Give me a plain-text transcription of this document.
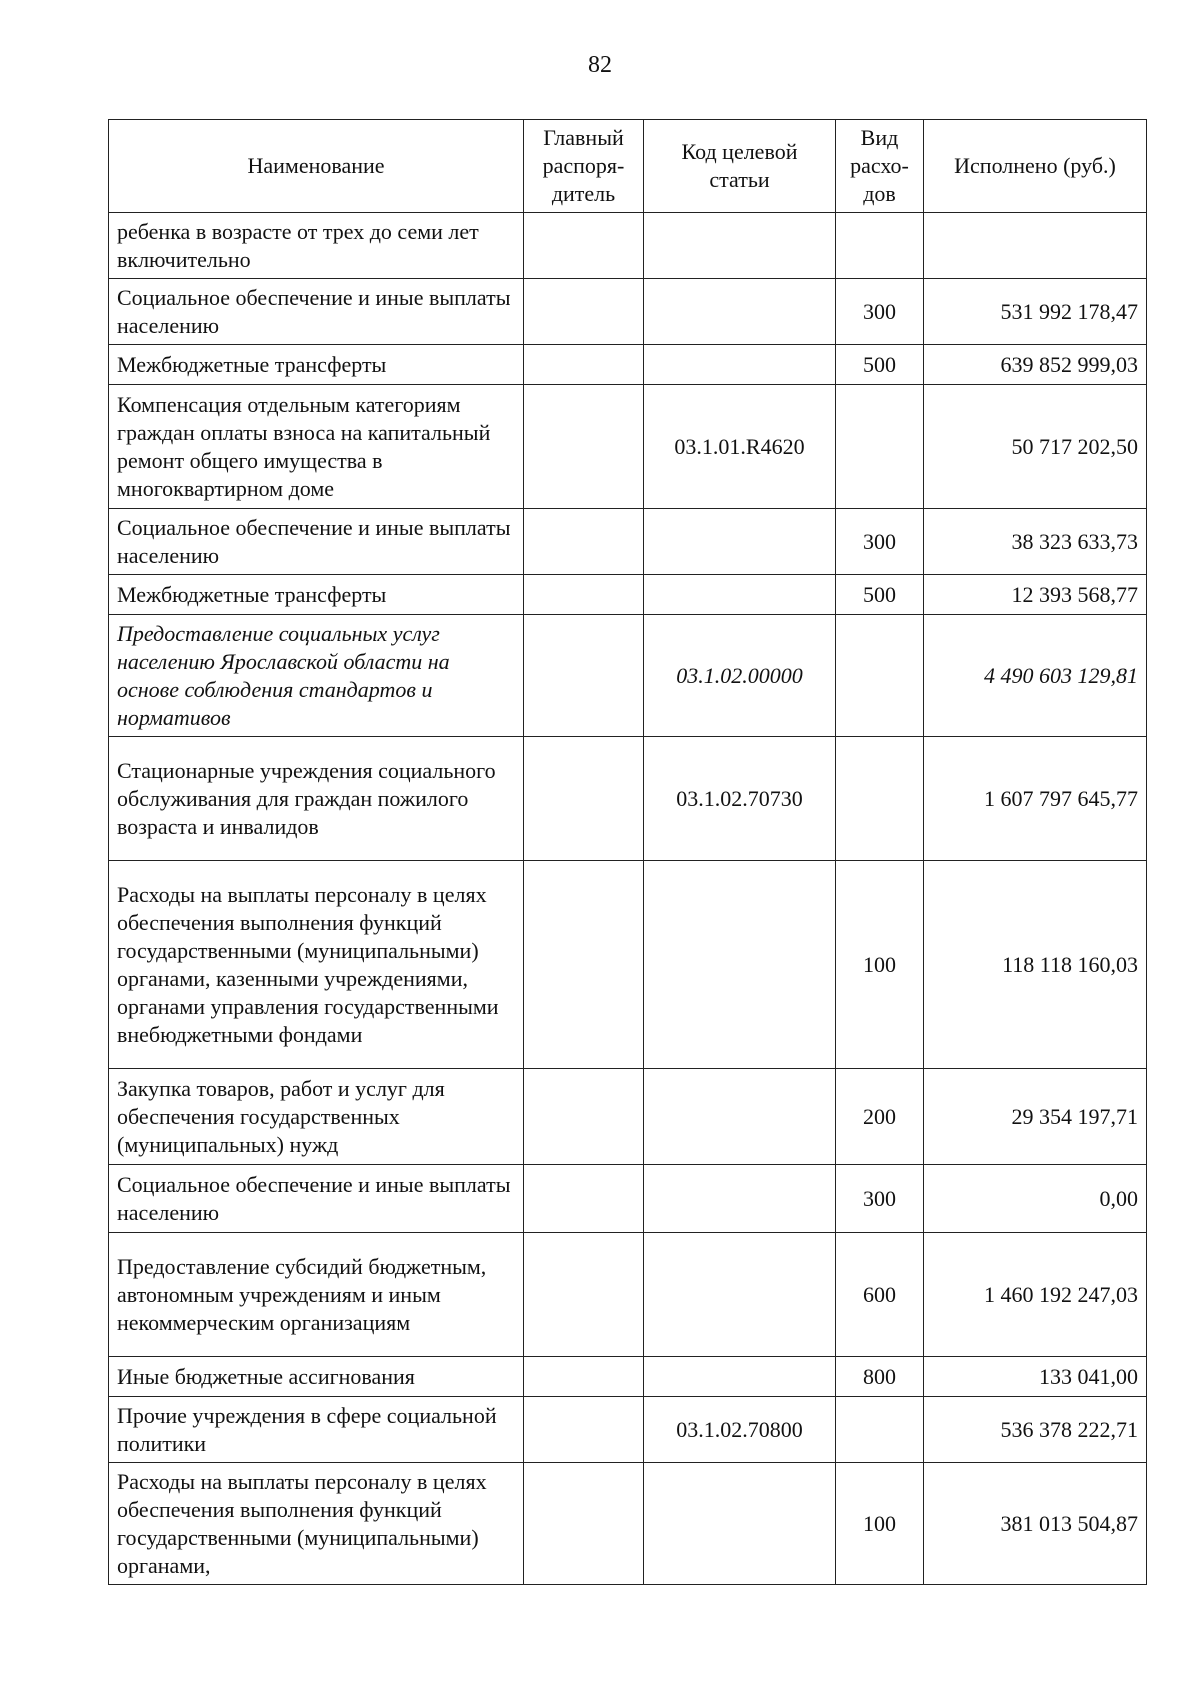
82
Наименование	Главный распоря-дитель	Код целевой статьи	Вид расхо-дов	Исполнено (руб.)
ребенка в возрасте от трех до семи лет включительно				
Социальное обеспечение и иные выплаты населению			300	531 992 178,47
Межбюджетные трансферты			500	639 852 999,03
Компенсация отдельным категориям граждан оплаты взноса на капитальный ремонт общего имущества в многоквартирном доме		03.1.01.R4620		50 717 202,50
Социальное обеспечение и иные выплаты населению			300	38 323 633,73
Межбюджетные трансферты			500	12 393 568,77
Предоставление социальных услуг населению Ярославской области на основе соблюдения стандартов и нормативов		03.1.02.00000		4 490 603 129,81
Стационарные учреждения социального обслуживания для граждан пожилого возраста и инвалидов		03.1.02.70730		1 607 797 645,77
Расходы на выплаты персоналу в целях обеспечения выполнения функций государственными (муниципальными) органами, казенными учреждениями, органами управления государственными внебюджетными фондами			100	118 118 160,03
Закупка товаров, работ и услуг для обеспечения государственных (муниципальных) нужд			200	29 354 197,71
Социальное обеспечение и иные выплаты населению			300	0,00
Предоставление субсидий бюджетным, автономным учреждениям и иным некоммерческим организациям			600	1 460 192 247,03
Иные бюджетные ассигнования			800	133 041,00
Прочие учреждения в сфере социальной политики		03.1.02.70800		536 378 222,71
Расходы на выплаты персоналу в целях обеспечения выполнения функций государственными (муниципальными) органами,			100	381 013 504,87
